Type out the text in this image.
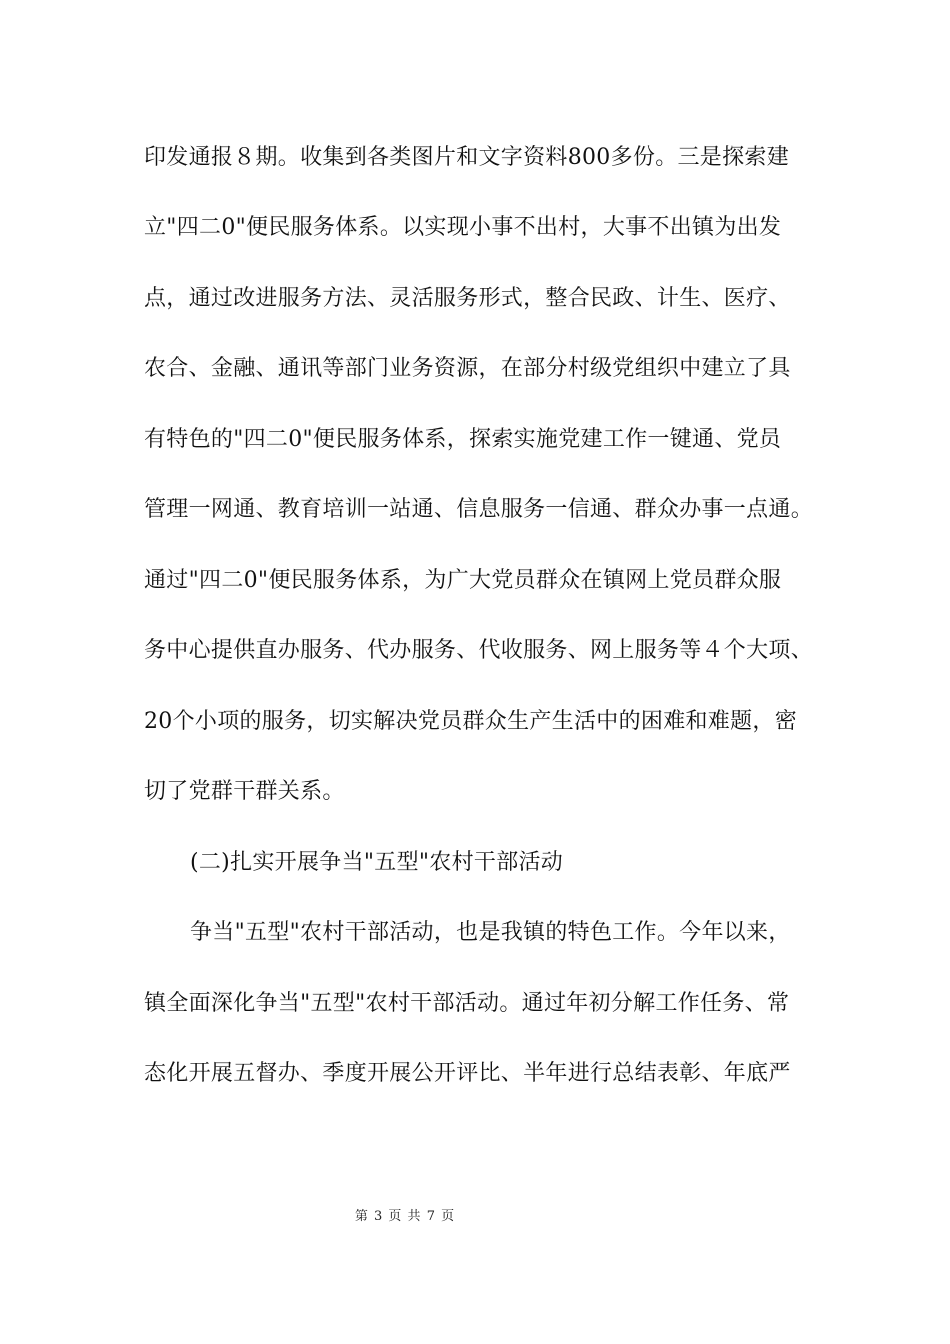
印发通报８期。收集到各类图片和文字资料800多份。三是探索建
立"四二0"便民服务体系。以实现小事不出村，大事不出镇为出发
点，通过改进服务方法、灵活服务形式，整合民政、计生、医疗、
农合、金融、通讯等部门业务资源，在部分村级党组织中建立了具
有特色的"四二0"便民服务体系，探索实施党建工作一键通、党员
管理一网通、教育培训一站通、信息服务一信通、群众办事一点通。
通过"四二0"便民服务体系，为广大党员群众在镇网上党员群众服
务中心提供直办服务、代办服务、代收服务、网上服务等４个大项、
20个小项的服务，切实解决党员群众生产生活中的困难和难题，密
切了党群干群关系。
(二)扎实开展争当"五型"农村干部活动
争当"五型"农村干部活动，也是我镇的特色工作。今年以来，
镇全面深化争当"五型"农村干部活动。通过年初分解工作任务、常
态化开展五督办、季度开展公开评比、半年进行总结表彰、年底严
第 3 页 共 7 页
